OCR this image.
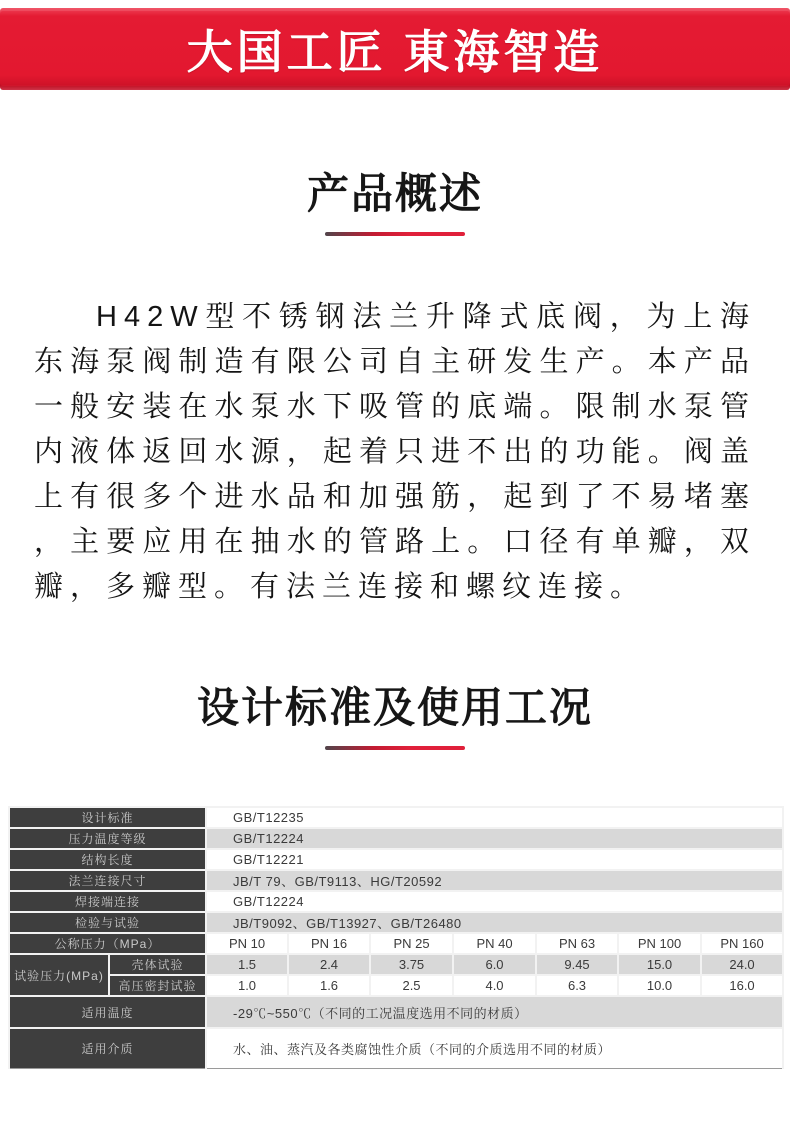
大国工匠 東海智造
产品概述

H42W型不锈钢法兰升降式底阀，为上海东海泵阀制造有限公司自主研发生产。本产品一般安装在水泵水下吸管的底端。限制水泵管内液体返回水源，起着只进不出的功能。阀盖上有很多个进水品和加强筋，起到了不易堵塞，主要应用在抽水的管路上。口径有单瓣，双瓣，多瓣型。有法兰连接和螺纹连接。

设计标准及使用工况
设计标准		GB/T12235						
压力温度等级		GB/T12224						
结构长度		GB/T12221						
法兰连接尺寸		JB/T 79、GB/T9113、HG/T20592						
焊接端连接		GB/T12224						
检验与试验		JB/T9092、GB/T13927、GB/T26480						
公称压力（MPa）		PN 10	PN 16	PN 25	PN 40	PN 63	PN 100	PN 160
试验压力(MPa)	壳体试验	1.5	2.4	3.75	6.0	9.45	15.0	24.0
	高压密封试验	1.0	1.6	2.5	4.0	6.3	10.0	16.0
适用温度		-29℃~550℃（不同的工况温度选用不同的材质）						
适用介质		水、油、蒸汽及各类腐蚀性介质（不同的介质选用不同的材质）						
